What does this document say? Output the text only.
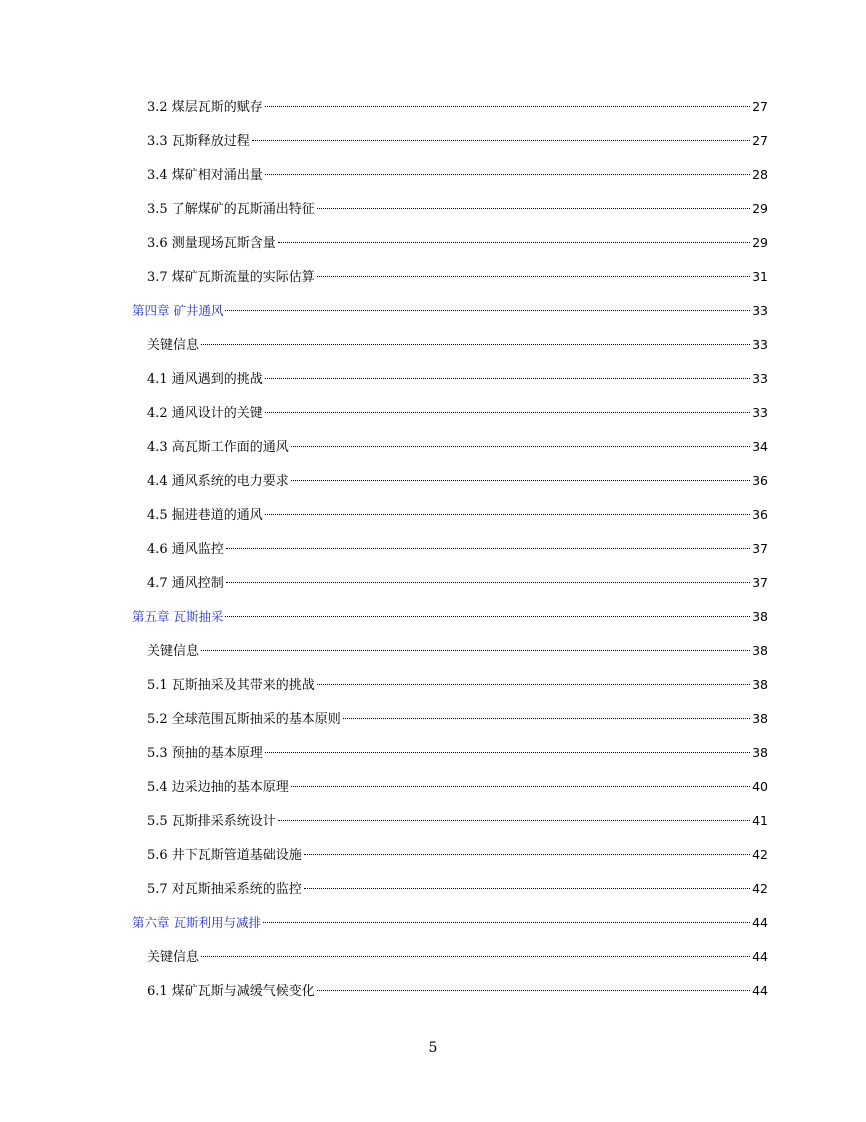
3.2 煤层瓦斯的赋存	27
3.3 瓦斯释放过程	27
3.4 煤矿相对涌出量	28
3.5 了解煤矿的瓦斯涌出特征	29
3.6 测量现场瓦斯含量	29
3.7 煤矿瓦斯流量的实际估算	31
第四章 矿井通风	33
关键信息	33
4.1 通风遇到的挑战	33
4.2 通风设计的关键	33
4.3 高瓦斯工作面的通风	34
4.4 通风系统的电力要求	36
4.5 掘进巷道的通风	36
4.6 通风监控	37
4.7 通风控制	37
第五章 瓦斯抽采	38
关键信息	38
5.1 瓦斯抽采及其带来的挑战	38
5.2 全球范围瓦斯抽采的基本原则	38
5.3 预抽的基本原理	38
5.4 边采边抽的基本原理	40
5.5 瓦斯排采系统设计	41
5.6 井下瓦斯管道基础设施	42
5.7 对瓦斯抽采系统的监控	42
第六章 瓦斯利用与减排	44
关键信息	44
6.1 煤矿瓦斯与减缓气候变化	44
5
